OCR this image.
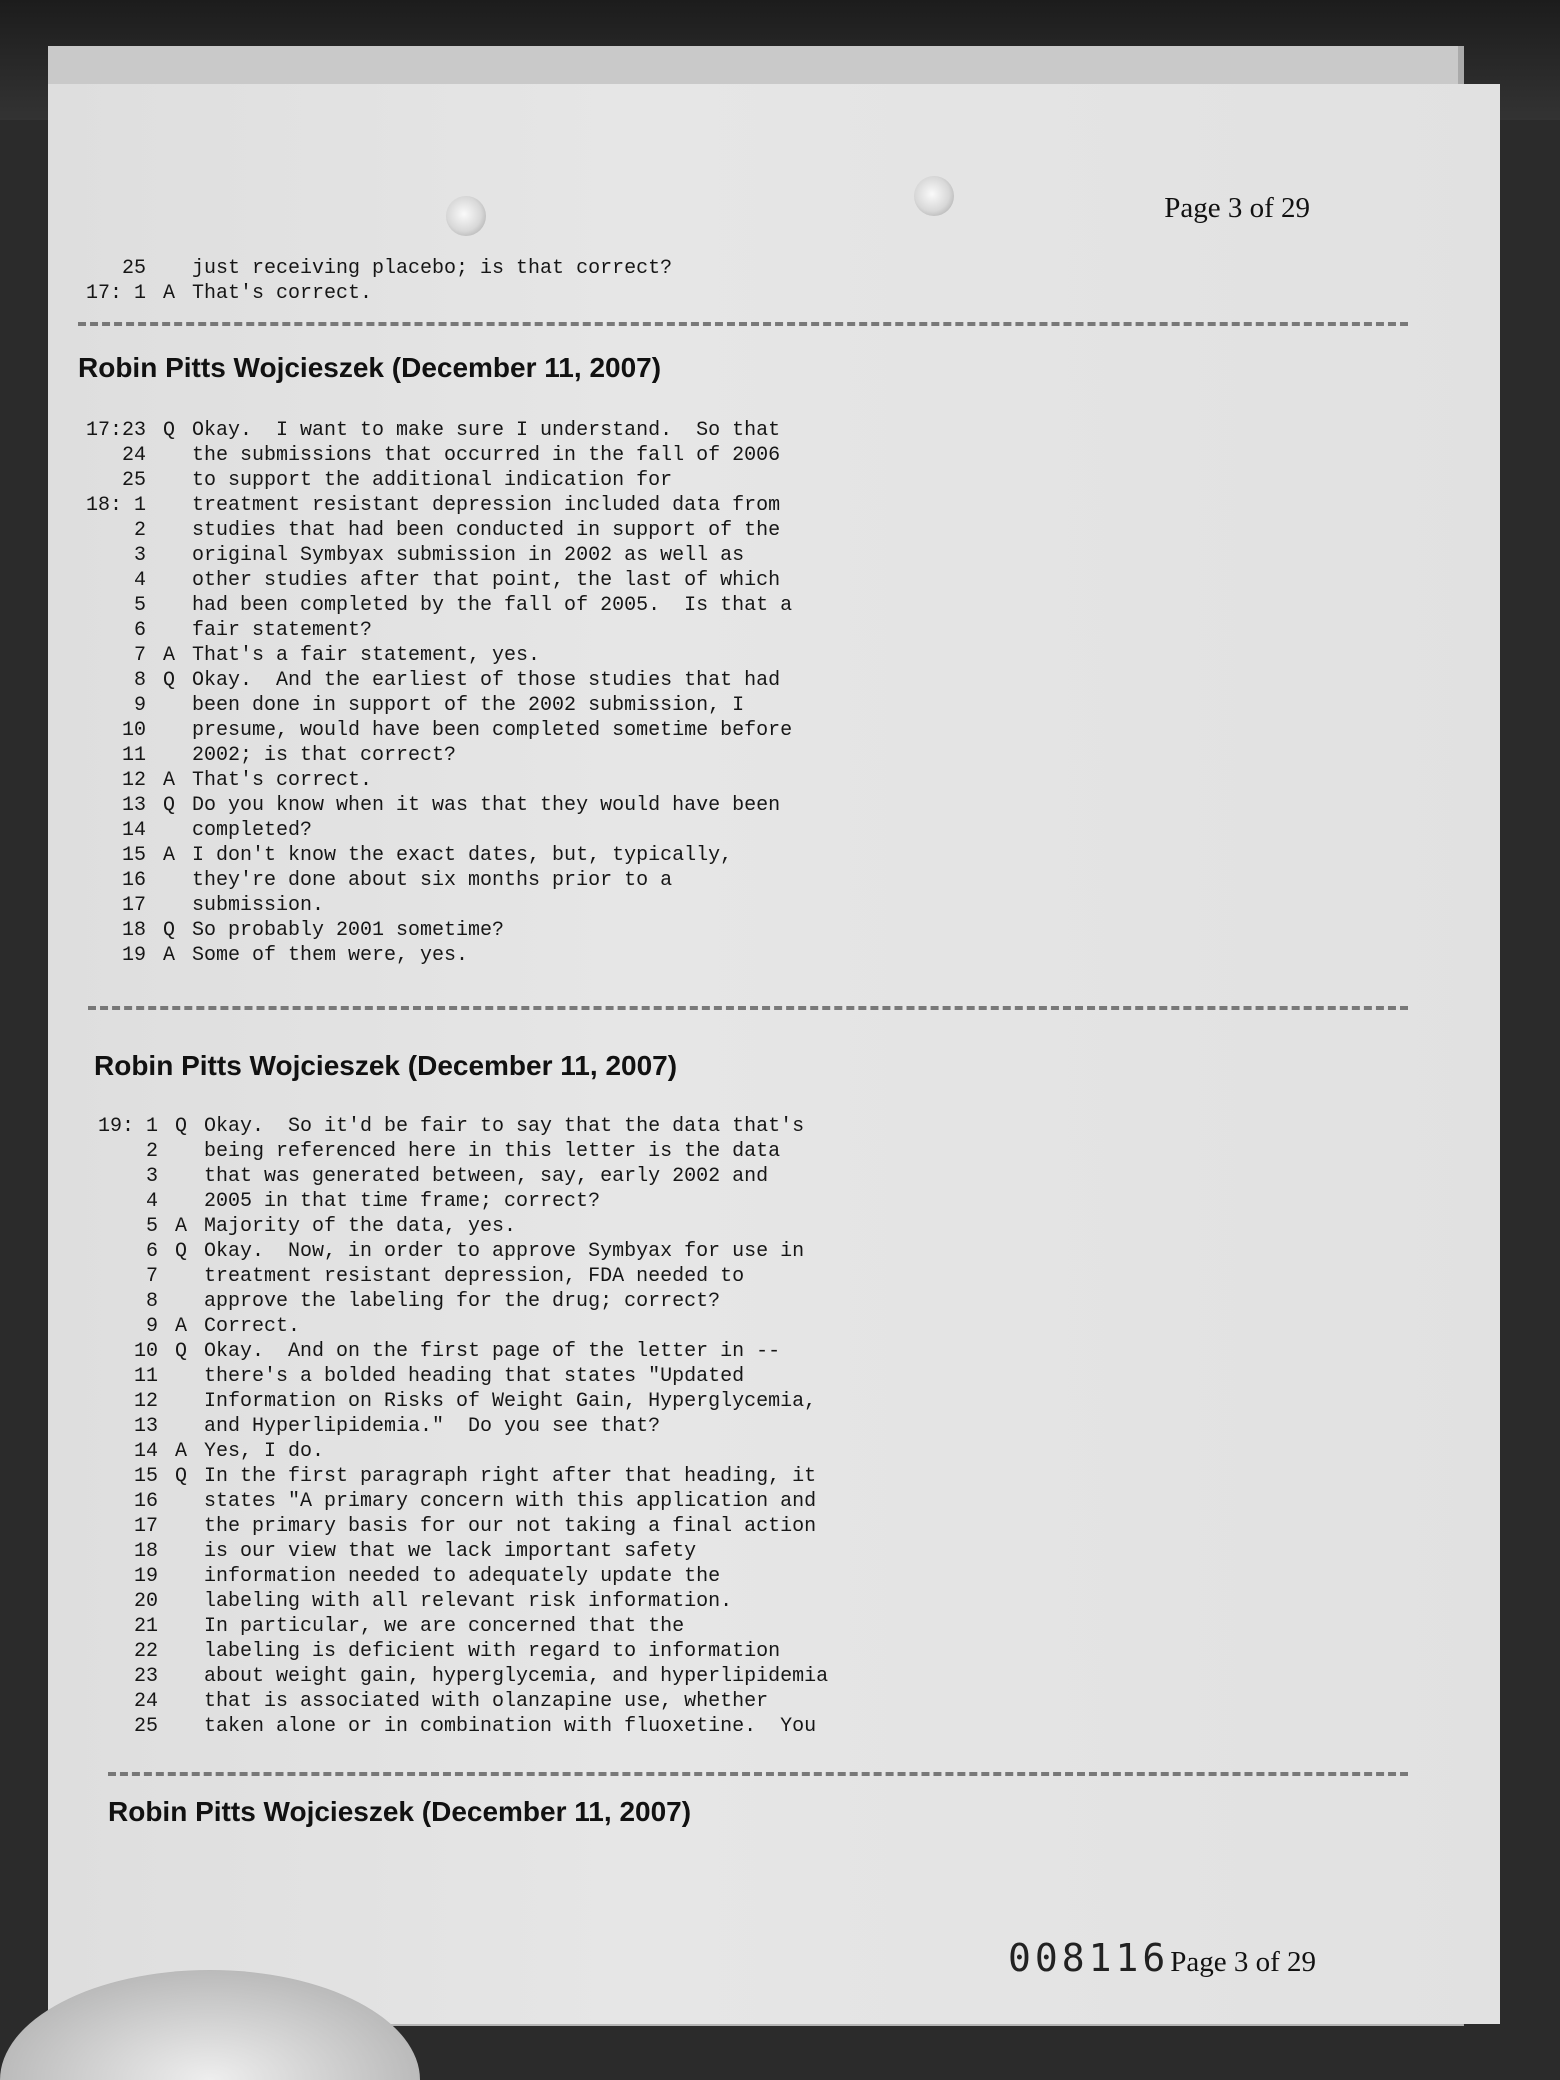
Page 3 of 29
25 just receiving placebo; is that correct?
17: 1 A That's correct.
Robin Pitts Wojcieszek (December 11, 2007)
17:23 Q Okay.  I want to make sure I understand.  So that
24 the submissions that occurred in the fall of 2006
25 to support the additional indication for
18: 1 treatment resistant depression included data from
2 studies that had been conducted in support of the
3 original Symbyax submission in 2002 as well as
4 other studies after that point, the last of which
5 had been completed by the fall of 2005.  Is that a
6 fair statement?
7 A That's a fair statement, yes.
8 Q Okay.  And the earliest of those studies that had
9 been done in support of the 2002 submission, I
10 presume, would have been completed sometime before
11 2002; is that correct?
12 A That's correct.
13 Q Do you know when it was that they would have been
14 completed?
15 A I don't know the exact dates, but, typically,
16 they're done about six months prior to a
17 submission.
18 Q So probably 2001 sometime?
19 A Some of them were, yes.
Robin Pitts Wojcieszek (December 11, 2007)
19: 1 Q Okay.  So it'd be fair to say that the data that's
2 being referenced here in this letter is the data
3 that was generated between, say, early 2002 and
4 2005 in that time frame; correct?
5 A Majority of the data, yes.
6 Q Okay.  Now, in order to approve Symbyax for use in
7 treatment resistant depression, FDA needed to
8 approve the labeling for the drug; correct?
9 A Correct.
10 Q Okay.  And on the first page of the letter in --
11 there's a bolded heading that states "Updated
12 Information on Risks of Weight Gain, Hyperglycemia,
13 and Hyperlipidemia."  Do you see that?
14 A Yes, I do.
15 Q In the first paragraph right after that heading, it
16 states "A primary concern with this application and
17 the primary basis for our not taking a final action
18 is our view that we lack important safety
19 information needed to adequately update the
20 labeling with all relevant risk information.
21 In particular, we are concerned that the
22 labeling is deficient with regard to information
23 about weight gain, hyperglycemia, and hyperlipidemia
24 that is associated with olanzapine use, whether
25 taken alone or in combination with fluoxetine.  You
Robin Pitts Wojcieszek (December 11, 2007)
008116 Page 3 of 29
